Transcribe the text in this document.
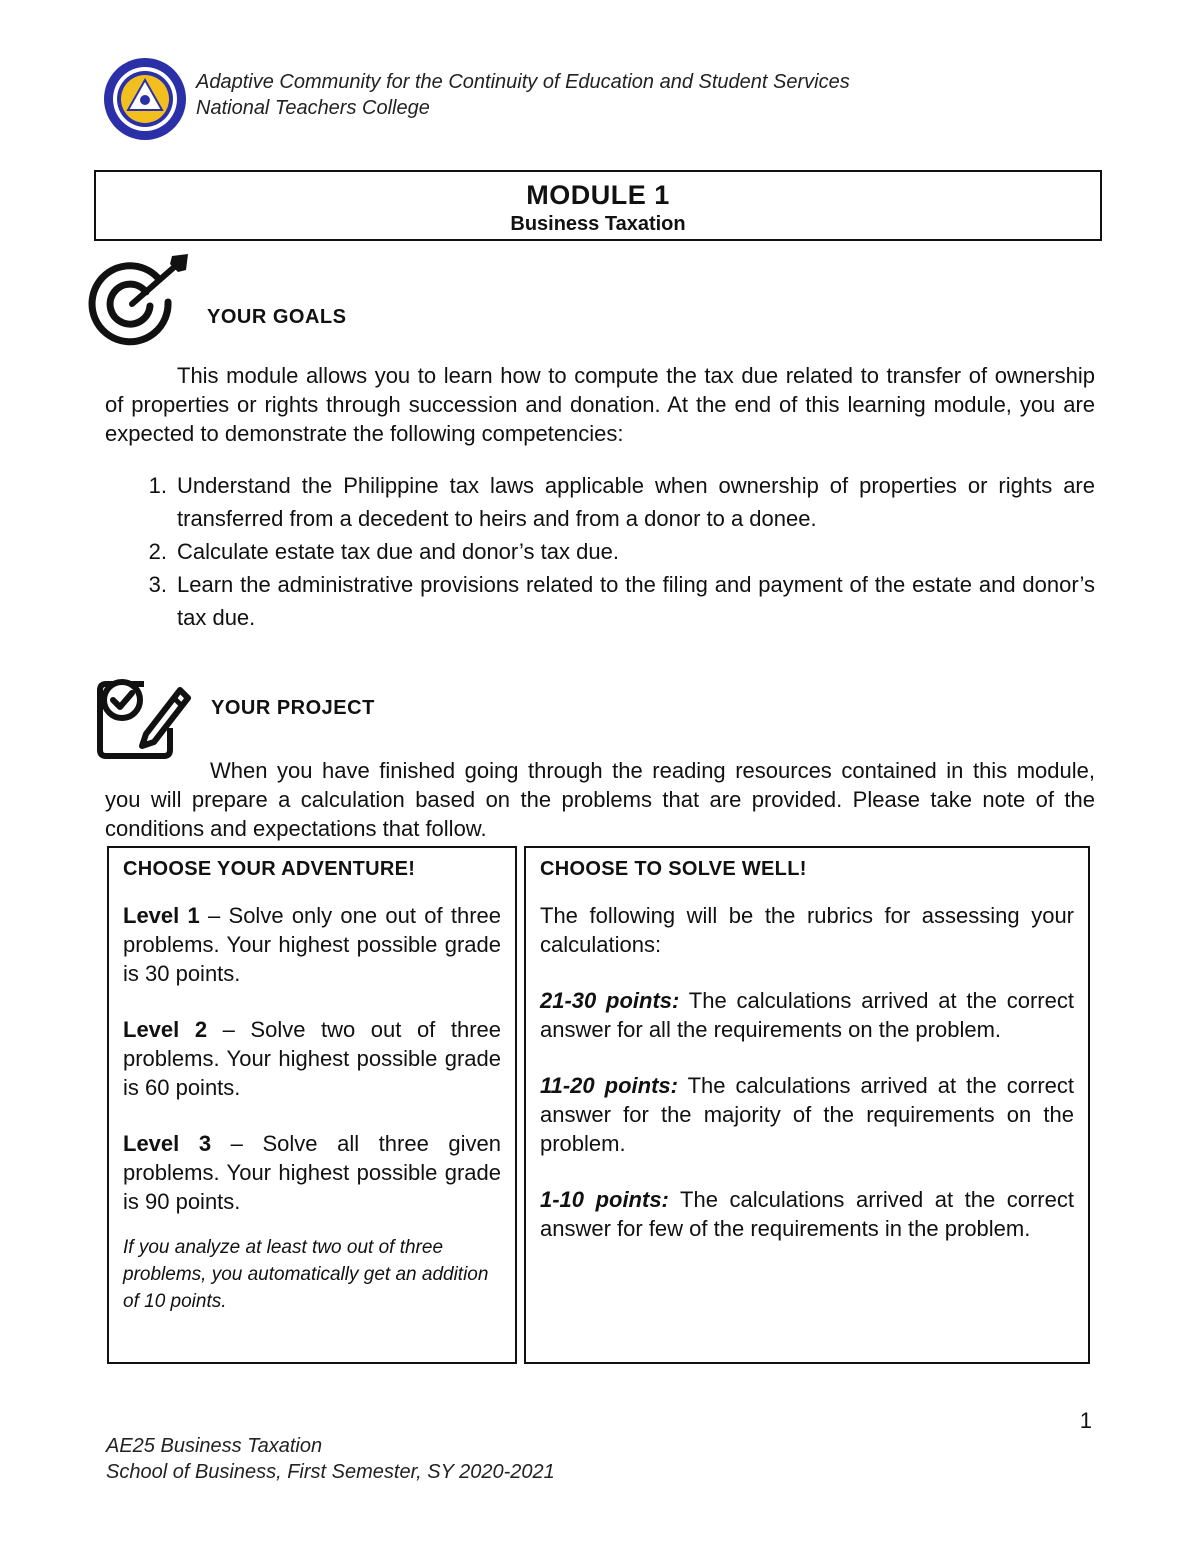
Adaptive Community for the Continuity of Education and Student Services
National Teachers College
MODULE 1
Business Taxation
YOUR GOALS
This module allows you to learn how to compute the tax due related to transfer of ownership of properties or rights through succession and donation. At the end of this learning module, you are expected to demonstrate the following competencies:
1. Understand the Philippine tax laws applicable when ownership of properties or rights are transferred from a decedent to heirs and from a donor to a donee.
2. Calculate estate tax due and donor’s tax due.
3. Learn the administrative provisions related to the filing and payment of the estate and donor’s tax due.
YOUR PROJECT
When you have finished going through the reading resources contained in this module, you will prepare a calculation based on the problems that are provided. Please take note of the conditions and expectations that follow.
CHOOSE YOUR ADVENTURE!
Level 1 – Solve only one out of three problems. Your highest possible grade is 30 points.
Level 2 – Solve two out of three problems. Your highest possible grade is 60 points.
Level 3 – Solve all three given problems. Your highest possible grade is 90 points.
If you analyze at least two out of three problems, you automatically get an addition of 10 points.
CHOOSE TO SOLVE WELL!
The following will be the rubrics for assessing your calculations:
21-30 points: The calculations arrived at the correct answer for all the requirements on the problem.
11-20 points: The calculations arrived at the correct answer for the majority of the requirements on the problem.
1-10 points: The calculations arrived at the correct answer for few of the requirements in the problem.
1
AE25 Business Taxation
School of Business, First Semester, SY 2020-2021
